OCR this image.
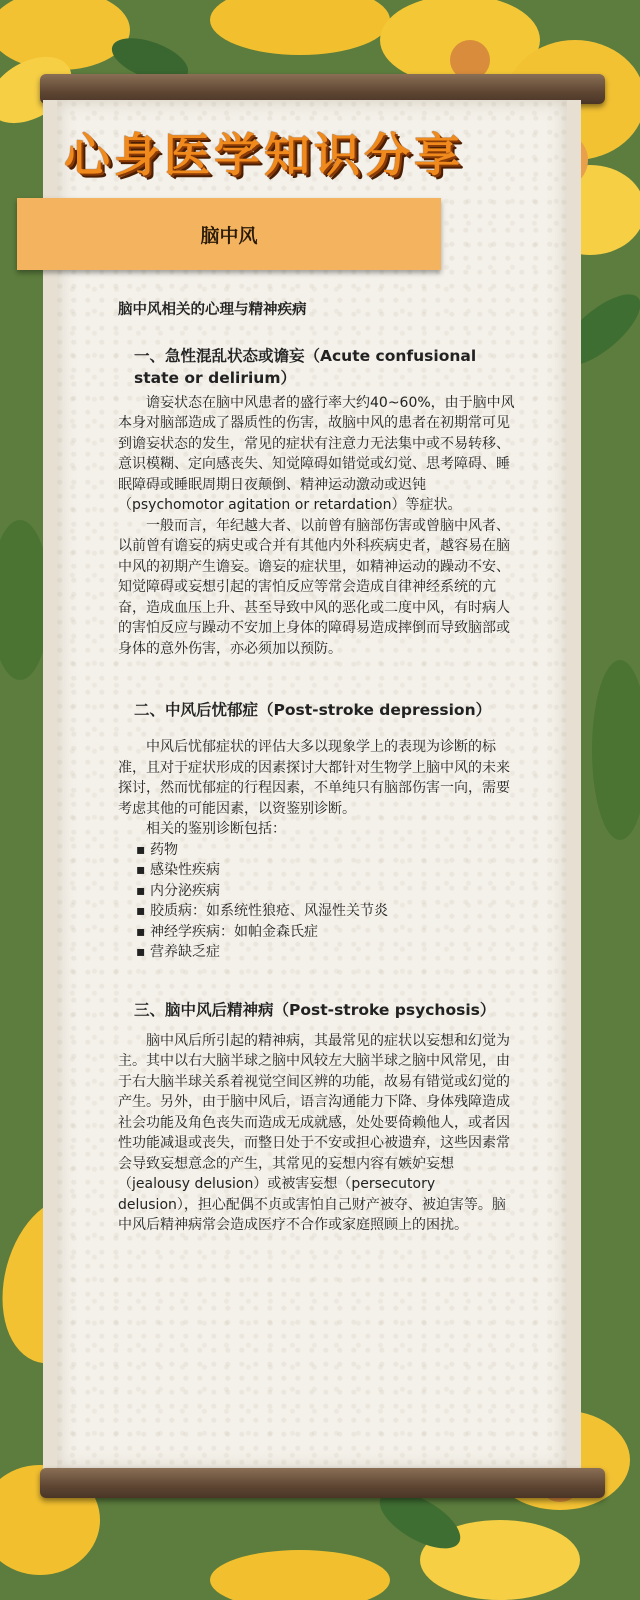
心身医学知识分享
脑中风

脑中风相关的心理与精神疾病

一、急性混乱状态或谵妄（Acute confusional state or delirium）

谵妄状态在脑中风患者的盛行率大约40~60%，由于脑中风本身对脑部造成了器质性的伤害，故脑中风的患者在初期常可见到谵妄状态的发生，常见的症状有注意力无法集中或不易转移、意识模糊、定向感丧失、知觉障碍如错觉或幻觉、思考障碍、睡眠障碍或睡眠周期日夜颠倒、精神运动激动或迟钝（psychomotor agitation or retardation）等症状。

一般而言，年纪越大者、以前曾有脑部伤害或曾脑中风者、以前曾有谵妄的病史或合并有其他内外科疾病史者，越容易在脑中风的初期产生谵妄。谵妄的症状里，如精神运动的躁动不安、知觉障碍或妄想引起的害怕反应等常会造成自律神经系统的亢奋，造成血压上升、甚至导致中风的恶化或二度中风，有时病人的害怕反应与躁动不安加上身体的障碍易造成摔倒而导致脑部或身体的意外伤害，亦必须加以预防。

二、中风后忧郁症（Post-stroke depression）

中风后忧郁症状的评估大多以现象学上的表现为诊断的标准，且对于症状形成的因素探讨大都针对生物学上脑中风的未来探讨，然而忧郁症的行程因素，不单纯只有脑部伤害一向，需要考虑其他的可能因素，以资鉴别诊断。

相关的鉴别诊断包括：

▪ 药物
▪ 感染性疾病
▪ 内分泌疾病
▪ 胶质病：如系统性狼疮、风湿性关节炎
▪ 神经学疾病：如帕金森氏症
▪ 营养缺乏症

三、脑中风后精神病（Post-stroke psychosis）

脑中风后所引起的精神病，其最常见的症状以妄想和幻觉为主。其中以右大脑半球之脑中风较左大脑半球之脑中风常见，由于右大脑半球关系着视觉空间区辨的功能，故易有错觉或幻觉的产生。另外，由于脑中风后，语言沟通能力下降、身体残障造成社会功能及角色丧失而造成无成就感，处处要倚赖他人，或者因性功能减退或丧失，而整日处于不安或担心被遗弃，这些因素常会导致妄想意念的产生，其常见的妄想内容有嫉妒妄想（jealousy delusion）或被害妄想（persecutory delusion），担心配偶不贞或害怕自己财产被夺、被迫害等。脑中风后精神病常会造成医疗不合作或家庭照顾上的困扰。
